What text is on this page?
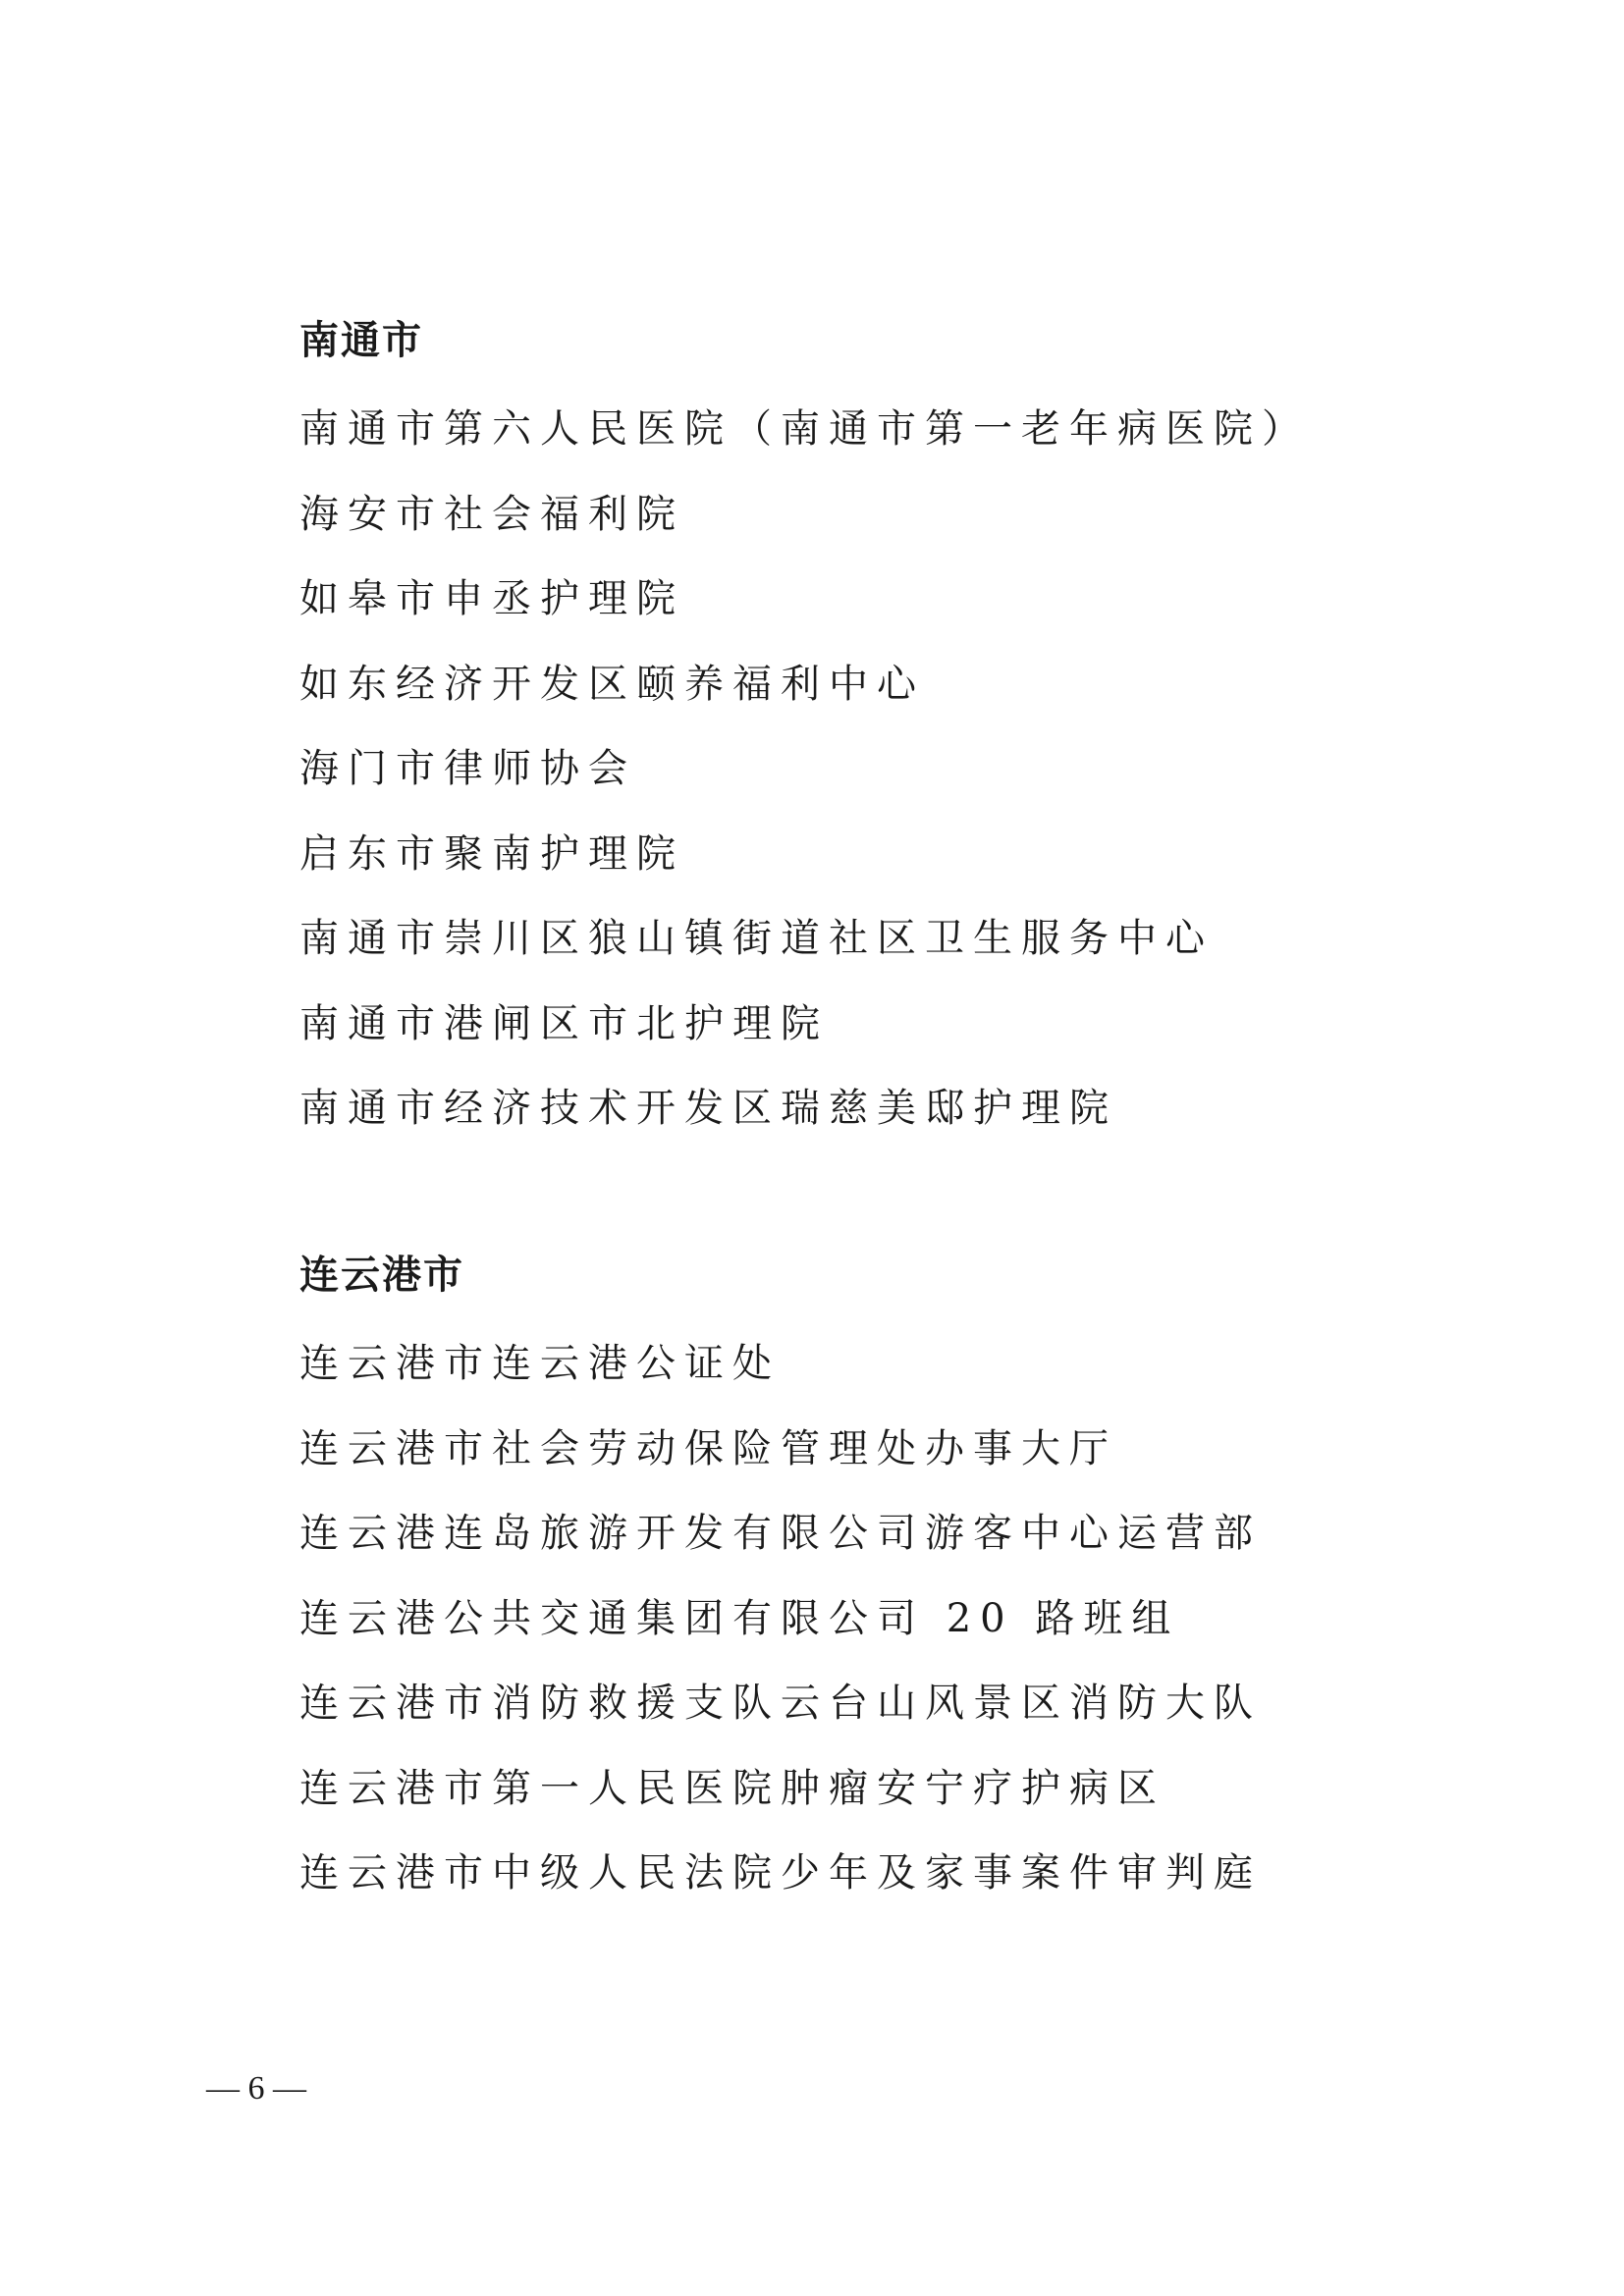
南通市
南通市第六人民医院（南通市第一老年病医院）
海安市社会福利院
如皋市申丞护理院
如东经济开发区颐养福利中心
海门市律师协会
启东市聚南护理院
南通市崇川区狼山镇街道社区卫生服务中心
南通市港闸区市北护理院
南通市经济技术开发区瑞慈美邸护理院
连云港市
连云港市连云港公证处
连云港市社会劳动保险管理处办事大厅
连云港连岛旅游开发有限公司游客中心运营部
连云港公共交通集团有限公司 20 路班组
连云港市消防救援支队云台山风景区消防大队
连云港市第一人民医院肿瘤安宁疗护病区
连云港市中级人民法院少年及家事案件审判庭
— 6 —
